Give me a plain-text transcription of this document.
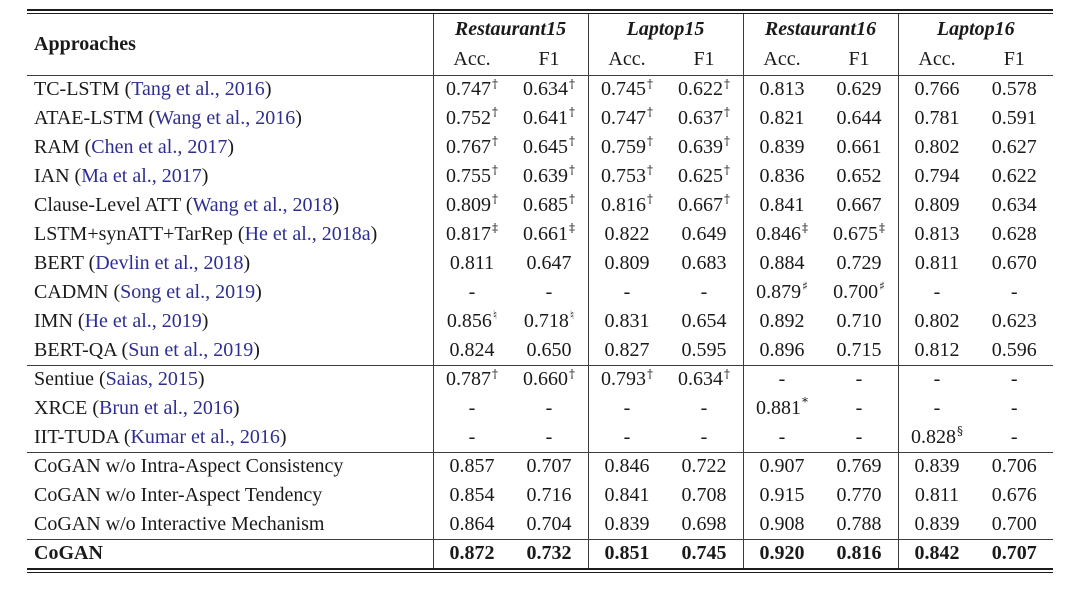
Approaches	Restaurant15		Laptop15		Restaurant16		Laptop16	
	Acc.	F1	Acc.	F1	Acc.	F1	Acc.	F1
TC-LSTM (Tang et al., 2016)	0.747†	0.634†	0.745†	0.622†	0.813	0.629	0.766	0.578
ATAE-LSTM (Wang et al., 2016)	0.752†	0.641†	0.747†	0.637†	0.821	0.644	0.781	0.591
RAM (Chen et al., 2017)	0.767†	0.645†	0.759†	0.639†	0.839	0.661	0.802	0.627
IAN (Ma et al., 2017)	0.755†	0.639†	0.753†	0.625†	0.836	0.652	0.794	0.622
Clause-Level ATT (Wang et al., 2018)	0.809†	0.685†	0.816†	0.667†	0.841	0.667	0.809	0.634
LSTM+synATT+TarRep (He et al., 2018a)	0.817‡	0.661‡	0.822	0.649	0.846‡	0.675‡	0.813	0.628
BERT (Devlin et al., 2018)	0.811	0.647	0.809	0.683	0.884	0.729	0.811	0.670
CADMN (Song et al., 2019)	-	-	-	-	0.879♯	0.700♯	-	-
IMN (He et al., 2019)	0.856♮	0.718♮	0.831	0.654	0.892	0.710	0.802	0.623
BERT-QA (Sun et al., 2019)	0.824	0.650	0.827	0.595	0.896	0.715	0.812	0.596
Sentiue (Saias, 2015)	0.787†	0.660†	0.793†	0.634†	-	-	-	-
XRCE (Brun et al., 2016)	-	-	-	-	0.881*	-	-	-
IIT-TUDA (Kumar et al., 2016)	-	-	-	-	-	-	0.828§	-
CoGAN w/o Intra-Aspect Consistency	0.857	0.707	0.846	0.722	0.907	0.769	0.839	0.706
CoGAN w/o Inter-Aspect Tendency	0.854	0.716	0.841	0.708	0.915	0.770	0.811	0.676
CoGAN w/o Interactive Mechanism	0.864	0.704	0.839	0.698	0.908	0.788	0.839	0.700
CoGAN	0.872	0.732	0.851	0.745	0.920	0.816	0.842	0.707
